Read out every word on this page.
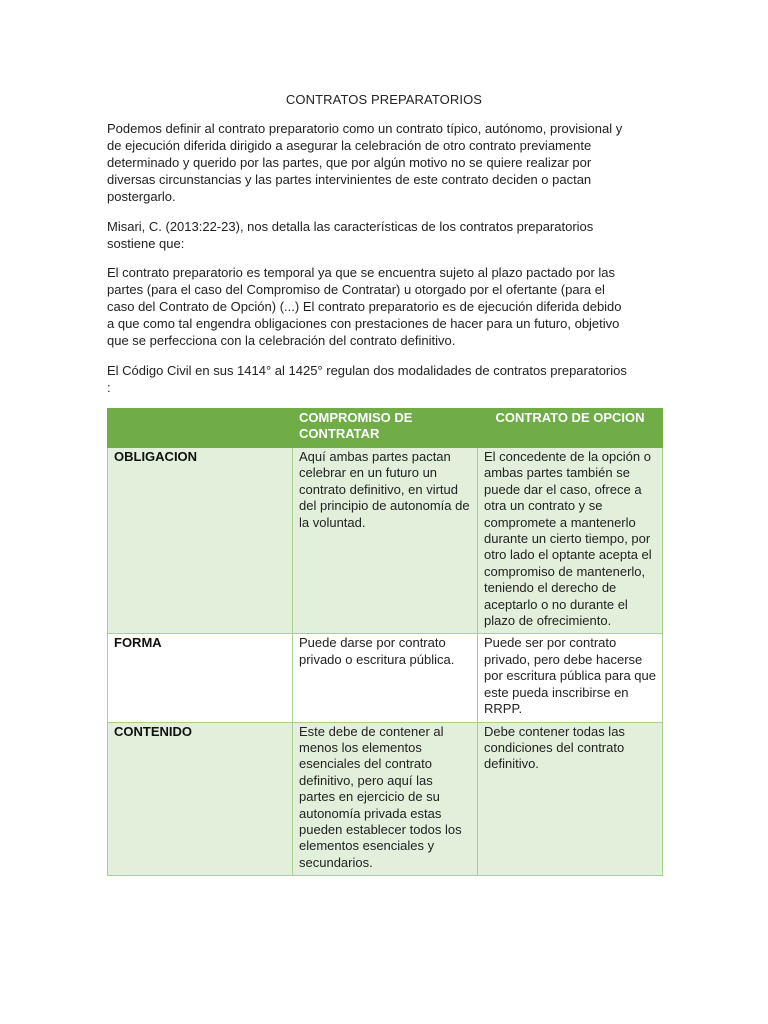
CONTRATOS PREPARATORIOS
Podemos definir al contrato preparatorio como un contrato típico, autónomo, provisional y
de ejecución diferida dirigido a asegurar la celebración de otro contrato previamente
determinado y querido por las partes, que por algún motivo no se quiere realizar por
diversas circunstancias y las partes intervinientes de este contrato deciden o pactan
postergarlo.
Misari, C. (2013:22-23), nos detalla las características de los contratos preparatorios
sostiene que:
El contrato preparatorio es temporal ya que se encuentra sujeto al plazo pactado por las
partes (para el caso del Compromiso de Contratar) u otorgado por el ofertante (para el
caso del Contrato de Opción) (...) El contrato preparatorio es de ejecución diferida debido
a que como tal engendra obligaciones con prestaciones de hacer para un futuro, objetivo
que se perfecciona con la celebración del contrato definitivo.
El Código Civil en sus 1414° al 1425° regulan dos modalidades de contratos preparatorios
:
	COMPROMISO DE CONTRATAR	CONTRATO DE OPCION
OBLIGACION	Aquí ambas partes pactan celebrar en un futuro un contrato definitivo, en virtud del principio de autonomía de la voluntad.	El concedente de la opción o ambas partes también se puede dar el caso, ofrece a otra un contrato y se compromete a mantenerlo durante un cierto tiempo, por otro lado el optante acepta el compromiso de mantenerlo, teniendo el derecho de aceptarlo o no durante el plazo de ofrecimiento.
FORMA	Puede darse por contrato privado o escritura pública.	Puede ser por contrato privado, pero debe hacerse por escritura pública para que este pueda inscribirse en RRPP.
CONTENIDO	Este debe de contener al menos los elementos esenciales del contrato definitivo, pero aquí las partes en ejercicio de su autonomía privada estas pueden establecer todos los elementos esenciales y secundarios.	Debe contener todas las condiciones del contrato definitivo.
